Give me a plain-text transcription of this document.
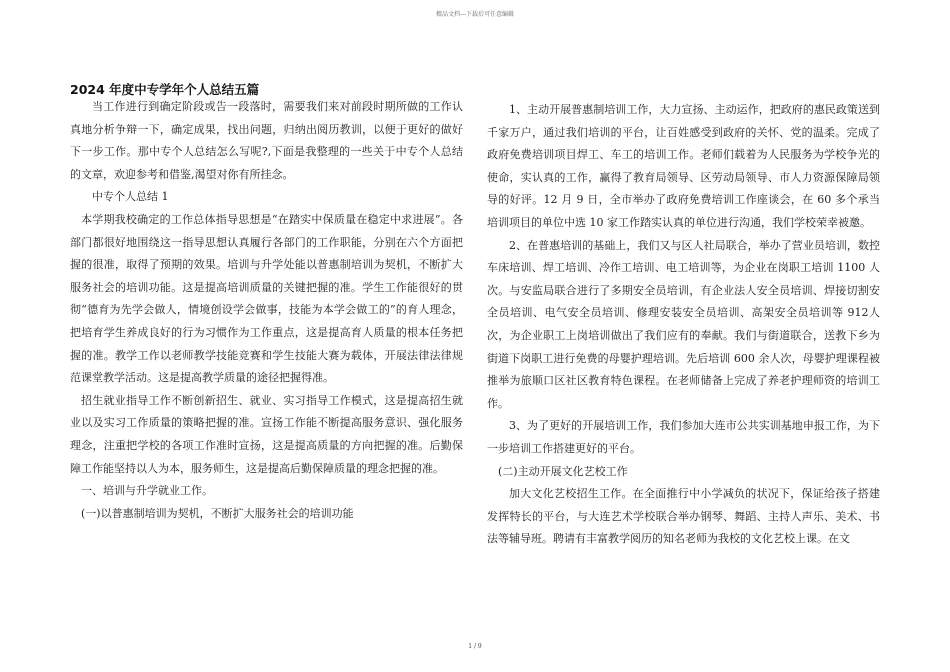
精品文档---下载后可任意编辑
2024 年度中专学年个人总结五篇

当工作进行到确定阶段或告一段落时，需要我们来对前段时期所做的工作认真地分析争辩一下，确定成果，找出问题，归纳出阅历教训，以便于更好的做好下一步工作。那中专个人总结怎么写呢?,下面是我整理的一些关于中专个人总结的文章，欢迎参考和借鉴,渴望对你有所挂念。

中专个人总结 1

本学期我校确定的工作总体指导思想是“在踏实中保质量在稳定中求进展”。各部门都很好地围绕这一指导思想认真履行各部门的工作职能，分别在六个方面把握的很准，取得了预期的效果。培训与升学处能以普惠制培训为契机，不断扩大服务社会的培训功能。这是提高培训质量的关键把握的准。学生工作能很好的贯彻“德育为先学会做人，情境创设学会做事，技能为本学会做工的”的育人理念，把培育学生养成良好的行为习惯作为工作重点，这是提高育人质量的根本任务把握的准。教学工作以老师教学技能竞赛和学生技能大赛为载体，开展法律法律规范课堂教学活动。这是提高教学质量的途径把握得准。

招生就业指导工作不断创新招生、就业、实习指导工作模式，这是提高招生就业以及实习工作质量的策略把握的准。宣扬工作能不断提高服务意识、强化服务理念，注重把学校的各项工作准时宣扬，这是提高质量的方向把握的准。后勤保障工作能坚持以人为本，服务师生，这是提高后勤保障质量的理念把握的准。

一、培训与升学就业工作。

(一)以普惠制培训为契机，不断扩大服务社会的培训功能

1、主动开展普惠制培训工作，大力宣扬、主动运作，把政府的惠民政策送到千家万户，通过我们培训的平台，让百姓感受到政府的关怀、党的温柔。完成了政府免费培训项目焊工、车工的培训工作。老师们载着为人民服务为学校争光的使命，实认真的工作，赢得了教育局领导、区劳动局领导、市人力资源保障局领导的好评。12 月 9 日，全市举办了政府免费培训工作座谈会，在 60 多个承当培训项目的单位中选 10 家工作踏实认真的单位进行沟通，我们学校荣幸被邀。

2、在普惠培训的基础上，我们又与区人社局联合，举办了营业员培训，数控车床培训、焊工培训、冷作工培训、电工培训等，为企业在岗职工培训 1100 人次。与安监局联合进行了多期安全员培训，有企业法人安全员培训、焊接切割安全员培训、电气安全员培训、修理安装安全员培训、高架安全员培训等 912人次，为企业职工上岗培训做出了我们应有的奉献。我们与街道联合，送教下乡为街道下岗职工进行免费的母婴护理培训。先后培训 600 余人次，母婴护理课程被推举为旅顺口区社区教育特色课程。在老师储备上完成了养老护理师资的培训工作。

3、为了更好的开展培训工作，我们参加大连市公共实训基地申报工作，为下一步培训工作搭建更好的平台。

(二)主动开展文化艺校工作

加大文化艺校招生工作。在全面推行中小学减负的状况下，保证给孩子搭建发挥特长的平台，与大连艺术学校联合举办钢琴、舞蹈、主持人声乐、美术、书法等辅导班。聘请有丰富教学阅历的知名老师为我校的文化艺校上课。在文

1 / 9
